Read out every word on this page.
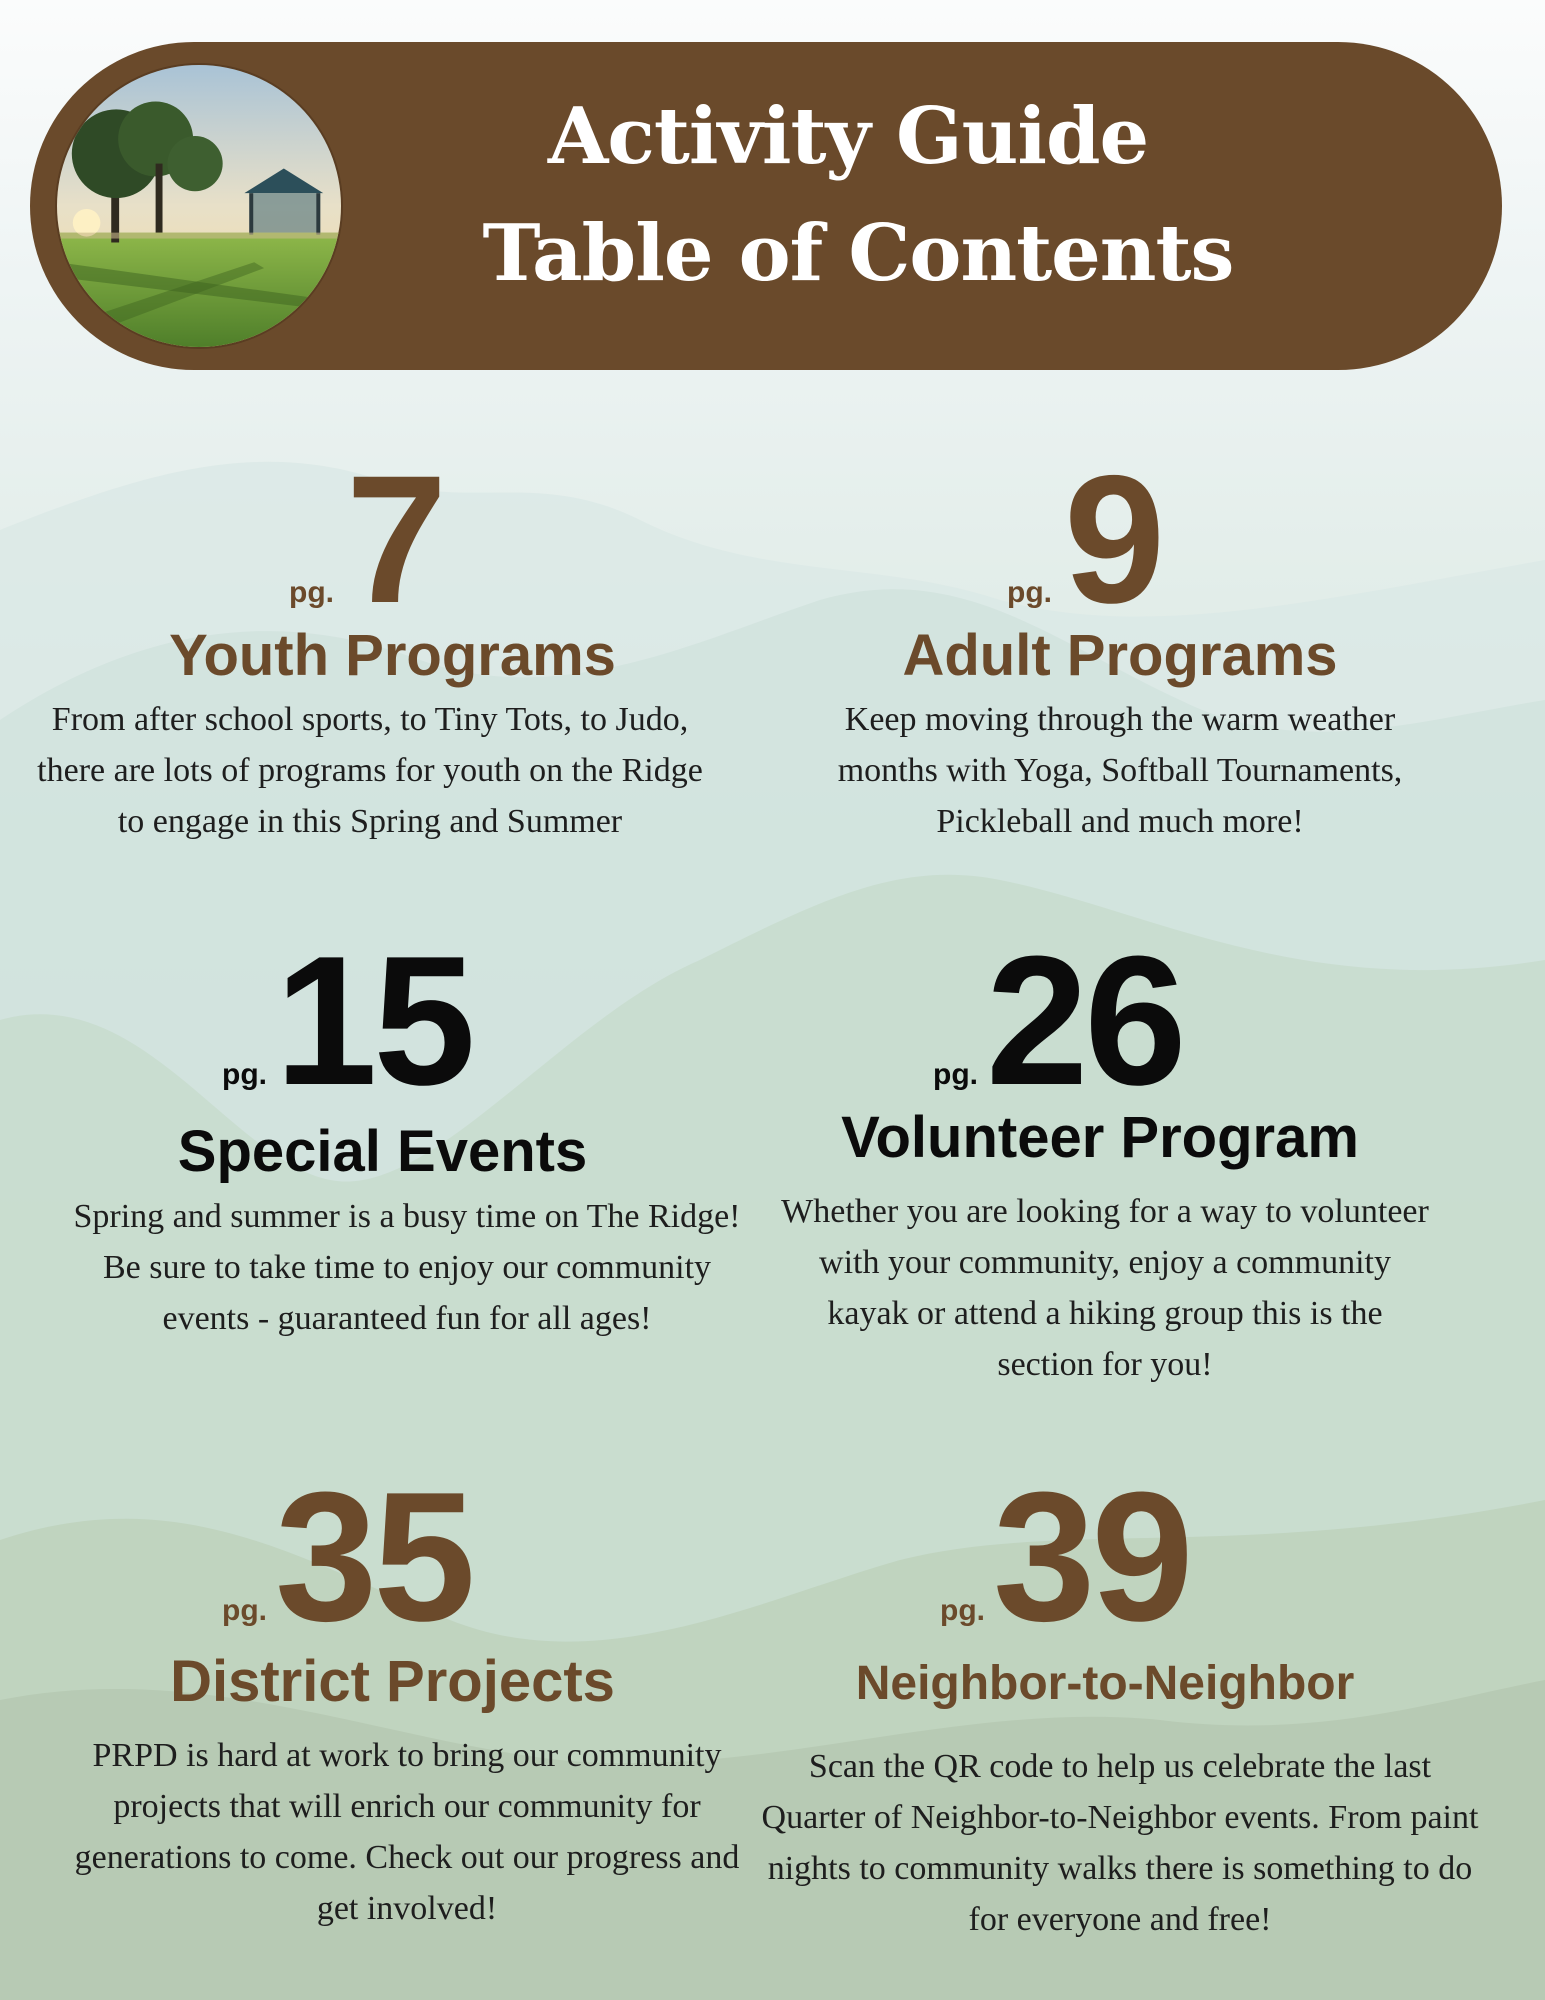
Activity Guide
Table of Contents
pg.7
Youth Programs
From after school sports, to Tiny Tots, to Judo, there are lots of programs for youth on the Ridge to engage in this Spring and Summer
pg.9
Adult Programs
Keep moving through the warm weather months with Yoga, Softball Tournaments, Pickleball and much more!
pg.15
Special Events
Spring and summer is a busy time on The Ridge! Be sure to take time to enjoy our community events - guaranteed fun for all ages!
pg.26
Volunteer Program
Whether you are looking for a way to volunteer with your community, enjoy a community kayak or attend a hiking group this is the section for you!
pg.35
District Projects
PRPD is hard at work to bring our community projects that will enrich our community for generations to come. Check out our progress and get involved!
pg.39
Neighbor-to-Neighbor
Scan the QR code to help us celebrate the last Quarter of Neighbor-to-Neighbor events. From paint nights to community walks there is something to do for everyone and free!
